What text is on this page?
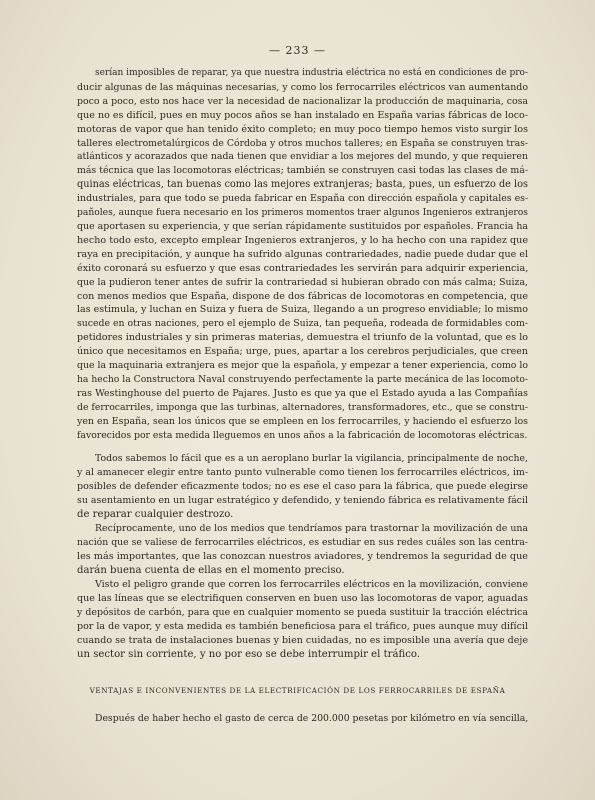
— 233 —
serían imposibles de reparar, ya que nuestra industria eléctrica no está en condiciones de pro-
ducir algunas de las máquinas necesarias, y como los ferrocarriles eléctricos van aumentando
poco a poco, esto nos hace ver la necesidad de nacionalizar la producción de maquinaria, cosa
que no es difícil, pues en muy pocos años se han instalado en España varias fábricas de loco-
motoras de vapor que han tenido éxito completo; en muy poco tiempo hemos visto surgir los
talleres electrometalúrgicos de Córdoba y otros muchos talleres; en España se construyen tras-
atlánticos y acorazados que nada tienen que envidiar a los mejores del mundo, y que requieren
más técnica que las locomotoras eléctricas; también se construyen casi todas las clases de má-
quinas eléctricas, tan buenas como las mejores extranjeras; basta, pues, un esfuerzo de los
industriales, para que todo se pueda fabricar en España con dirección española y capitales es-
pañoles, aunque fuera necesario en los primeros momentos traer algunos Ingenieros extranjeros
que aportasen su experiencia, y que serían rápidamente sustituidos por españoles. Francia ha
hecho todo esto, excepto emplear Ingenieros extranjeros, y lo ha hecho con una rapidez que
raya en precipitación, y aunque ha sufrido algunas contrariedades, nadie puede dudar que el
éxito coronará su esfuerzo y que esas contrariedades les servirán para adquirir experiencia,
que la pudieron tener antes de sufrir la contrariedad si hubieran obrado con más calma; Suiza,
con menos medios que España, dispone de dos fábricas de locomotoras en competencia, que
las estimula, y luchan en Suiza y fuera de Suiza, llegando a un progreso envidiable; lo mismo
sucede en otras naciones, pero el ejemplo de Suiza, tan pequeña, rodeada de formidables com-
petidores industriales y sin primeras materias, demuestra el triunfo de la voluntad, que es lo
único que necesitamos en España; urge, pues, apartar a los cerebros perjudiciales, que creen
que la maquinaria extranjera es mejor que la española, y empezar a tener experiencia, como lo
ha hecho la Constructora Naval construyendo perfectamente la parte mecánica de las locomoto-
ras Westinghouse del puerto de Pajares. Justo es que ya que el Estado ayuda a las Compañías
de ferrocarriles, imponga que las turbinas, alternadores, transformadores, etc., que se constru-
yen en España, sean los únicos que se empleen en los ferrocarriles, y haciendo el esfuerzo los
favorecidos por esta medida lleguemos en unos años a la fabricación de locomotoras eléctricas.
Todos sabemos lo fácil que es a un aeroplano burlar la vigilancia, principalmente de noche,
y al amanecer elegir entre tanto punto vulnerable como tienen los ferrocarriles eléctricos, im-
posibles de defender eficazmente todos; no es ese el caso para la fábrica, que puede elegirse
su asentamiento en un lugar estratégico y defendido, y teniendo fábrica es relativamente fácil
de reparar cualquier destrozo.
Recíprocamente, uno de los medios que tendríamos para trastornar la movilización de una
nación que se valiese de ferrocarriles eléctricos, es estudiar en sus redes cuáles son las centra-
les más importantes, que las conozcan nuestros aviadores, y tendremos la seguridad de que
darán buena cuenta de ellas en el momento preciso.
Visto el peligro grande que corren los ferrocarriles eléctricos en la movilización, conviene
que las líneas que se electrifiquen conserven en buen uso las locomotoras de vapor, aguadas
y depósitos de carbón, para que en cualquier momento se pueda sustituir la tracción eléctrica
por la de vapor, y esta medida es también beneficiosa para el tráfico, pues aunque muy difícil
cuando se trata de instalaciones buenas y bien cuidadas, no es imposible una avería que deje
un sector sin corriente, y no por eso se debe interrumpir el tráfico.
VENTAJAS E INCONVENIENTES DE LA ELECTRIFICACIÓN DE LOS FERROCARRILES DE ESPAÑA
Después de haber hecho el gasto de cerca de 200.000 pesetas por kilómetro en vía sencilla,
